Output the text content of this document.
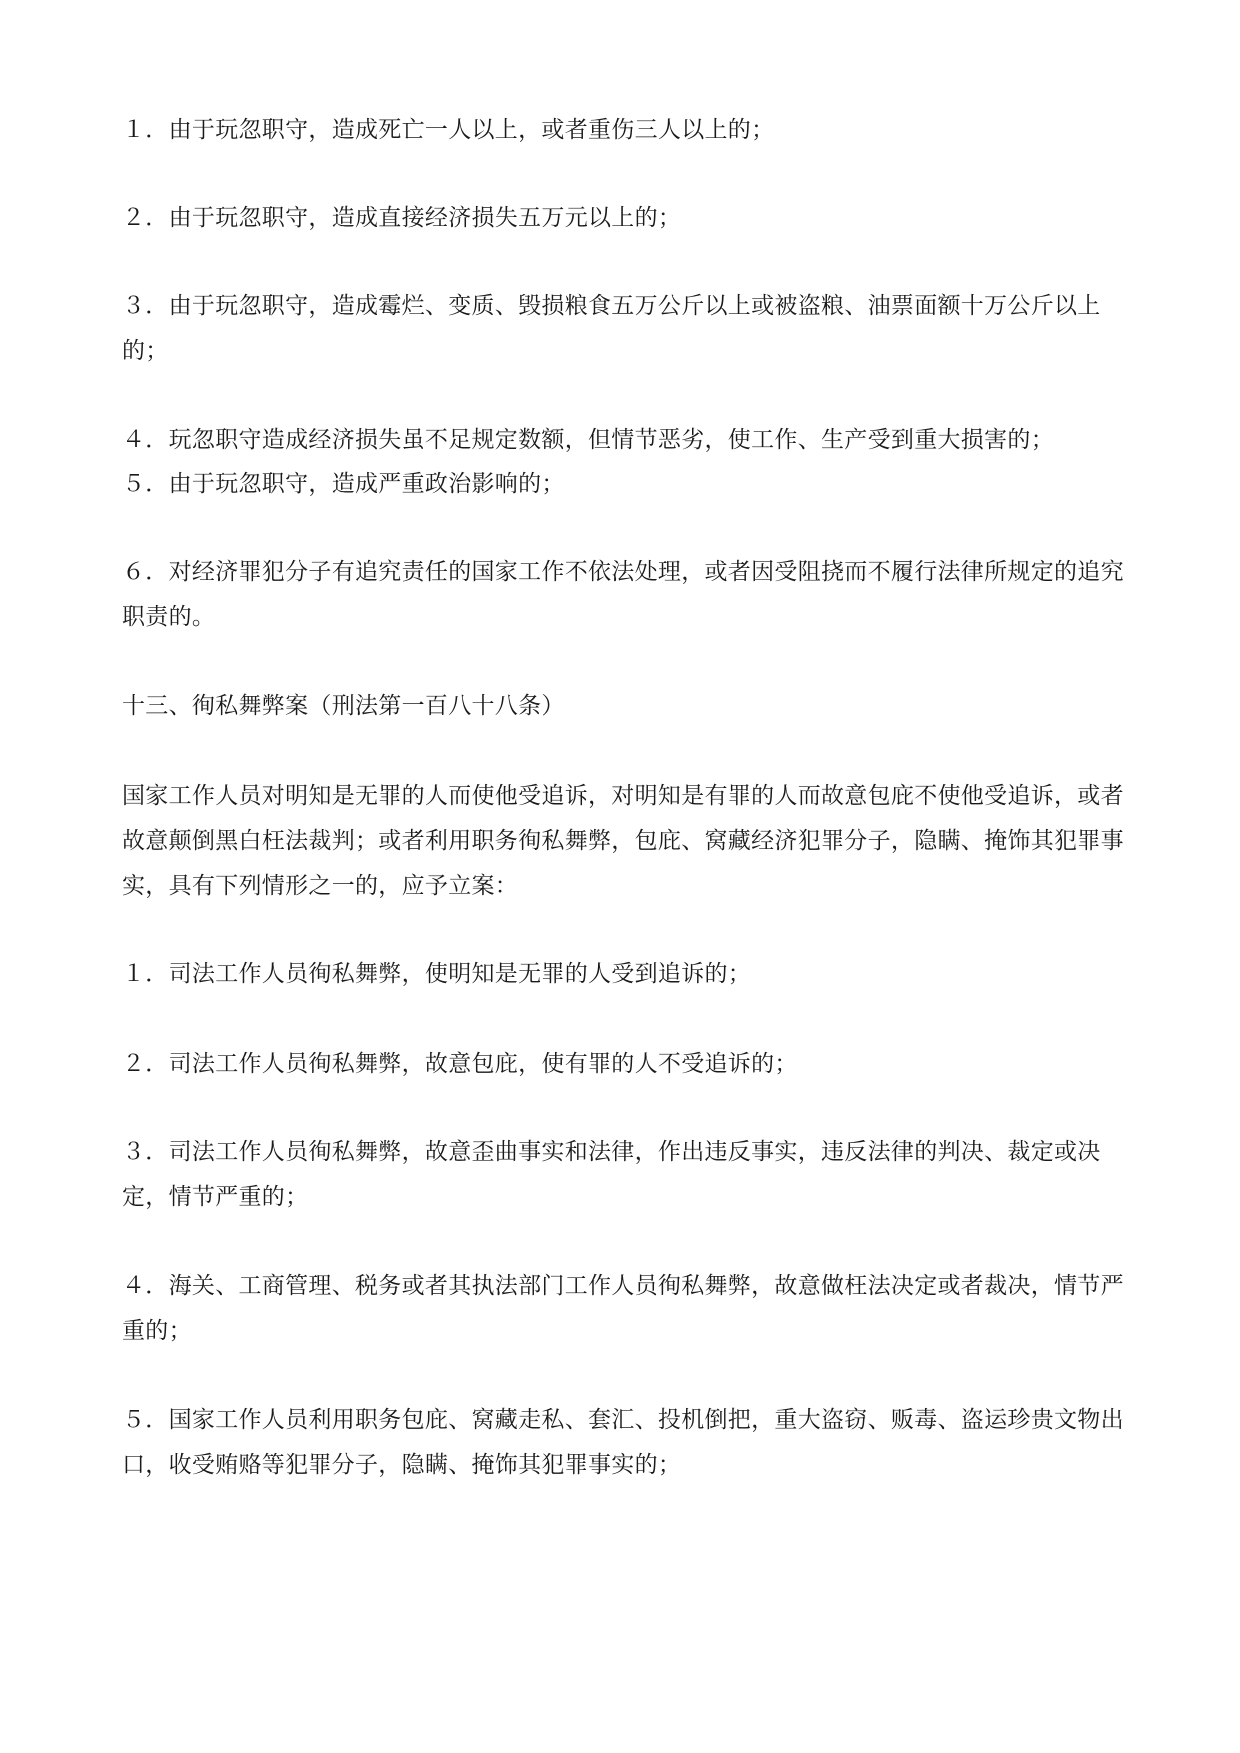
１．由于玩忽职守，造成死亡一人以上，或者重伤三人以上的；

２．由于玩忽职守，造成直接经济损失五万元以上的；

３．由于玩忽职守，造成霉烂、变质、毁损粮食五万公斤以上或被盗粮、油票面额十万公斤以上的；

４．玩忽职守造成经济损失虽不足规定数额，但情节恶劣，使工作、生产受到重大损害的；

５．由于玩忽职守，造成严重政治影响的；

６．对经济罪犯分子有追究责任的国家工作不依法处理，或者因受阻挠而不履行法律所规定的追究职责的。

十三、徇私舞弊案（刑法第一百八十八条）

国家工作人员对明知是无罪的人而使他受追诉，对明知是有罪的人而故意包庇不使他受追诉，或者故意颠倒黑白枉法裁判；或者利用职务徇私舞弊，包庇、窝藏经济犯罪分子，隐瞒、掩饰其犯罪事实，具有下列情形之一的，应予立案：

１．司法工作人员徇私舞弊，使明知是无罪的人受到追诉的；

２．司法工作人员徇私舞弊，故意包庇，使有罪的人不受追诉的；

３．司法工作人员徇私舞弊，故意歪曲事实和法律，作出违反事实，违反法律的判决、裁定或决定，情节严重的；

４．海关、工商管理、税务或者其执法部门工作人员徇私舞弊，故意做枉法决定或者裁决，情节严重的；

５．国家工作人员利用职务包庇、窝藏走私、套汇、投机倒把，重大盗窃、贩毒、盗运珍贵文物出口，收受贿赂等犯罪分子，隐瞒、掩饰其犯罪事实的；
